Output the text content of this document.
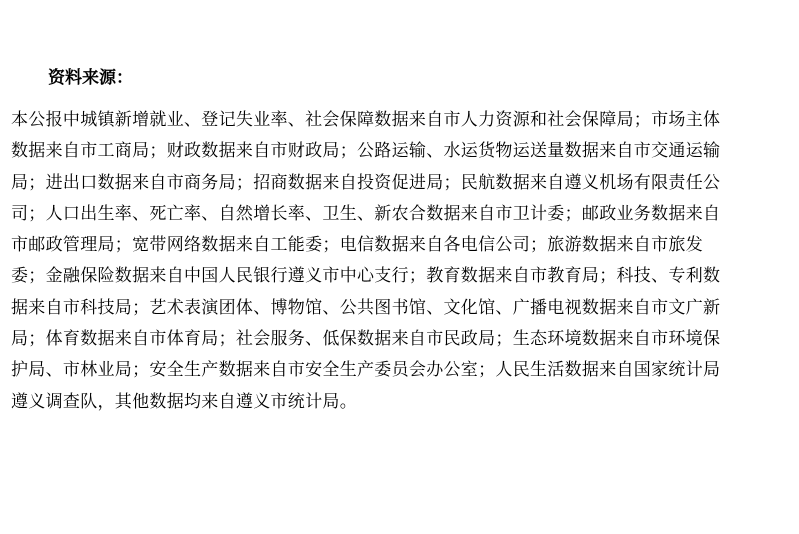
资料来源：
本公报中城镇新增就业、登记失业率、社会保障数据来自市人力资源和社会保障局；市场主体
数据来自市工商局；财政数据来自市财政局；公路运输、水运货物运送量数据来自市交通运输
局；进出口数据来自市商务局；招商数据来自投资促进局；民航数据来自遵义机场有限责任公
司；人口出生率、死亡率、自然增长率、卫生、新农合数据来自市卫计委；邮政业务数据来自
市邮政管理局；宽带网络数据来自工能委；电信数据来自各电信公司；旅游数据来自市旅发
委；金融保险数据来自中国人民银行遵义市中心支行；教育数据来自市教育局；科技、专利数
据来自市科技局；艺术表演团体、博物馆、公共图书馆、文化馆、广播电视数据来自市文广新
局；体育数据来自市体育局；社会服务、低保数据来自市民政局；生态环境数据来自市环境保
护局、市林业局；安全生产数据来自市安全生产委员会办公室；人民生活数据来自国家统计局
遵义调查队，其他数据均来自遵义市统计局。
